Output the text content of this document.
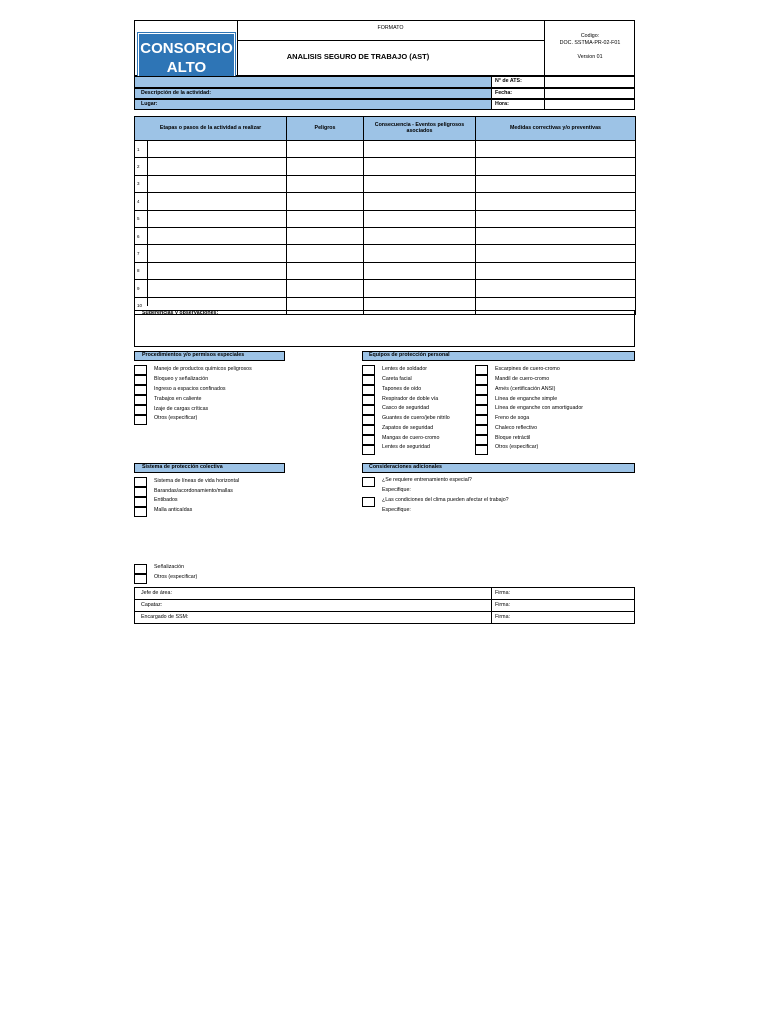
CONSORCIO
ALTO
FORMATO
ANALISIS SEGURO DE TRABAJO (AST)
Codigo:
DOC. SSTMA-PR-02-F01
Version 01
Descripción de la actividad:
Lugar:
N° de ATS:
Fecha:
Hora:
Etapas o pasos de la actividad a realizar	Peligros	Consecuencia - Eventos peligrosos asociados	Medidas correctivas y/o preventivas
1			
2			
3			
4			
5			
6			
7			
8			
9			
10			
Sugerencias y observaciones:
Procedimientos y/o permisos especiales
Manejo de productos químicos peligrosos
Bloqueo y señalización
Ingreso a espacios confinados
Trabajos en caliente
Izaje de cargas críticas
Otros (especificar)
Equipos de protección personal
Lentes de soldador
Careta facial
Tapones de oído
Respirador de doble vía
Casco de seguridad
Guantes de cuero/jebe nitrilo
Zapatos de seguridad
Mangas de cuero-cromo
Lentes de seguridad
Escarpines de cuero-cromo
Mandil de cuero-cromo
Arnés (certificación ANSI)
Línea de enganche simple
Línea de enganche con amortiguador
Freno de soga
Chaleco reflectivo
Bloque retráctil
Otros (especificar)
Sistema de protección colectiva
Sistema de líneas de vida horizontal
Barandas/acordonamiento/mallas
Entibados
Malla anticaídas
Señalización
Otros (especificar)
Consideraciones adicionales
¿Se requiere entrenamiento especial?
Especifique:
¿Las condiciones del clima pueden afectar el trabajo?
Especifique:
Jefe de área:	Firma:
Capataz:	Firma:
Encargado de SSM:	Firma:
